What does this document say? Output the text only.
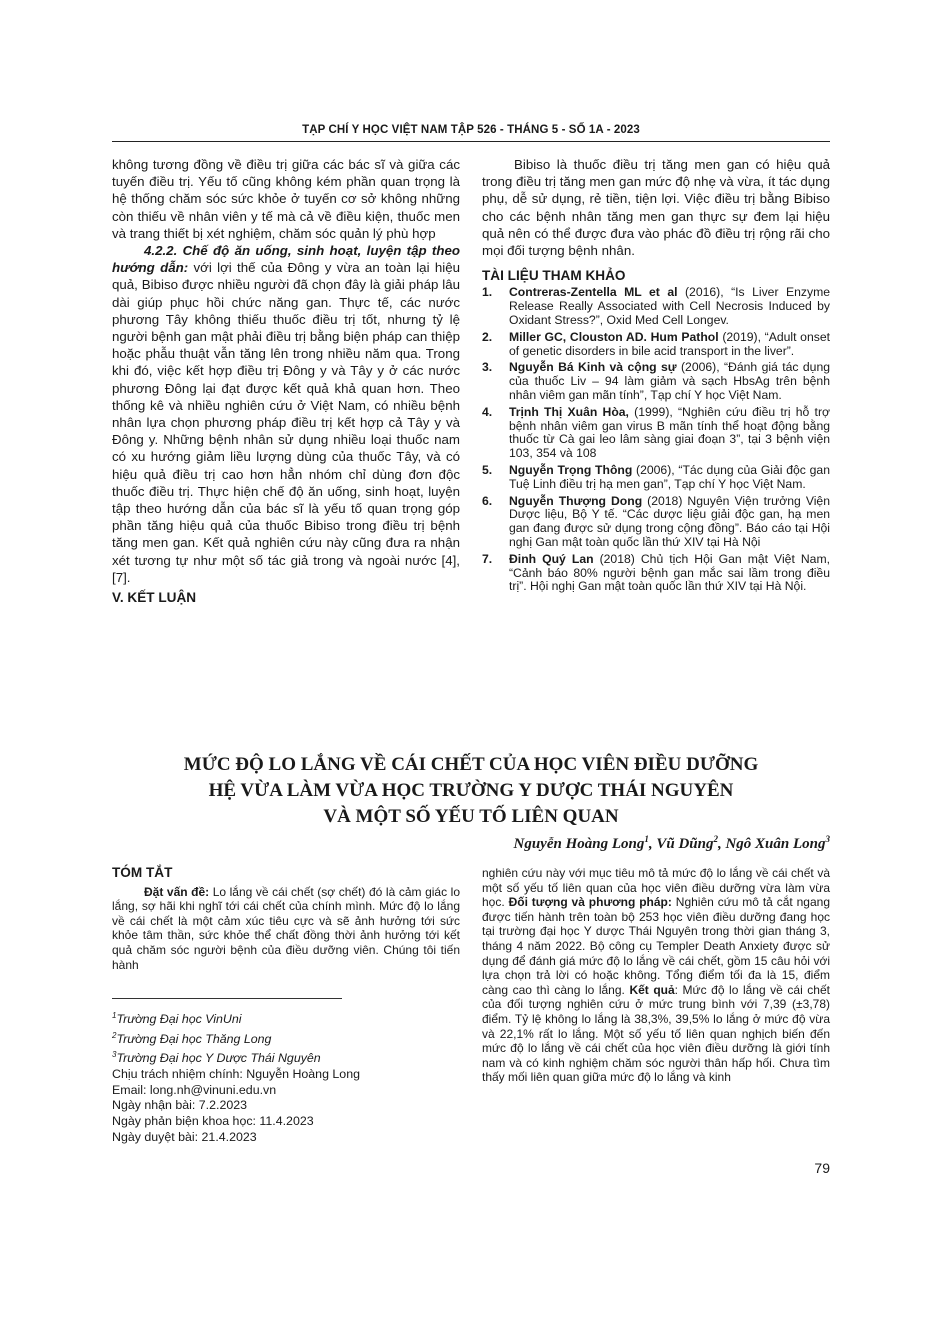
TẠP CHÍ Y HỌC VIỆT NAM TẬP 526 - THÁNG 5 - SỐ 1A - 2023

không tương đồng về điều trị giữa các bác sĩ và giữa các tuyến điều trị. Yếu tố cũng không kém phần quan trọng là hệ thống chăm sóc sức khỏe ở tuyến cơ sở không những còn thiếu về nhân viên y tế mà cả về điều kiện, thuốc men và trang thiết bị xét nghiệm, chăm sóc quản lý phù hợp

4.2.2. Chế độ ăn uống, sinh hoạt, luyện tập theo hướng dẫn: với lợi thế của Đông y vừa an toàn lại hiệu quả, Bibiso được nhiều người đã chọn đây là giải pháp lâu dài giúp phục hồi chức năng gan. Thực tế, các nước phương Tây không thiếu thuốc điều trị tốt, nhưng tỷ lệ người bệnh gan mật phải điều trị bằng biện pháp can thiệp hoặc phẫu thuật vẫn tăng lên trong nhiều năm qua. Trong khi đó, việc kết hợp điều trị Đông y và Tây y ở các nước phương Đông lại đạt được kết quả khả quan hơn. Theo thống kê và nhiều nghiên cứu ở Việt Nam, có nhiều bệnh nhân lựa chọn phương pháp điều trị kết hợp cả Tây y và Đông y. Những bệnh nhân sử dụng nhiều loại thuốc nam có xu hướng giảm liều lượng dùng của thuốc Tây, và có hiệu quả điều trị cao hơn hẳn nhóm chỉ dùng đơn độc thuốc điều trị. Thực hiện chế độ ăn uống, sinh hoạt, luyện tập theo hướng dẫn của bác sĩ là yếu tố quan trọng góp phần tăng hiệu quả của thuốc Bibiso trong điều trị bệnh tăng men gan. Kết quả nghiên cứu này cũng đưa ra nhận xét tương tự như một số tác giả trong và ngoài nước [4], [7].

V. KẾT LUẬN

Bibiso là thuốc điều trị tăng men gan có hiệu quả trong điều trị tăng men gan mức độ nhẹ và vừa, ít tác dụng phụ, dễ sử dụng, rẻ tiền, tiện lợi. Việc điều trị bằng Bibiso cho các bệnh nhân tăng men gan thực sự đem lại hiệu quả nên có thể được đưa vào phác đồ điều trị rộng rãi cho mọi đối tượng bệnh nhân.

TÀI LIỆU THAM KHẢO

1. Contreras-Zentella ML et al (2016), “Is Liver Enzyme Release Really Associated with Cell Necrosis Induced by Oxidant Stress?”, Oxid Med Cell Longev.
2. Miller GC, Clouston AD. Hum Pathol (2019), “Adult onset of genetic disorders in bile acid transport in the liver”.
3. Nguyễn Bá Kinh và cộng sự (2006), “Đánh giá tác dụng của thuốc Liv – 94 làm giảm và sạch HbsAg trên bệnh nhân viêm gan mãn tính”, Tạp chí Y học Việt Nam.
4. Trịnh Thị Xuân Hòa, (1999), “Nghiên cứu điều trị hỗ trợ bệnh nhân viêm gan virus B mãn tính thể hoạt động bằng thuốc từ Cà gai leo lâm sàng giai đoạn 3”, tại 3 bệnh viện 103, 354 và 108
5. Nguyễn Trọng Thông (2006), “Tác dụng của Giải độc gan Tuệ Linh điều trị hạ men gan”, Tạp chí Y học Việt Nam.
6. Nguyễn Thượng Dong (2018) Nguyên Viện trưởng Viện Dược liệu, Bộ Y tế. “Các dược liệu giải độc gan, hạ men gan đang được sử dụng trong cộng đồng”. Báo cáo tại Hội nghị Gan mật toàn quốc lần thứ XIV tại Hà Nội
7. Đinh Quý Lan (2018) Chủ tịch Hội Gan mật Việt Nam, “Cảnh báo 80% người bệnh gan mắc sai lầm trong điều trị”. Hội nghị Gan mật toàn quốc lần thứ XIV tại Hà Nội.
MỨC ĐỘ LO LẮNG VỀ CÁI CHẾT CỦA HỌC VIÊN ĐIỀU DƯỠNG
HỆ VỪA LÀM VỪA HỌC TRƯỜNG Y DƯỢC THÁI NGUYÊN
VÀ MỘT SỐ YẾU TỐ LIÊN QUAN
Nguyễn Hoàng Long$^1$, Vũ Dũng$^2$, Ngô Xuân Long$^3$

TÓM TẮT

Đặt vấn đề: Lo lắng về cái chết (sợ chết) đó là cảm giác lo lắng, sợ hãi khi nghĩ tới cái chết của chính mình. Mức độ lo lắng về cái chết là một cảm xúc tiêu cực và sẽ ảnh hưởng tới sức khỏe tâm thần, sức khỏe thể chất đồng thời ảnh hưởng tới kết quả chăm sóc người bệnh của điều dưỡng viên. Chúng tôi tiến hành

nghiên cứu này với mục tiêu mô tả mức độ lo lắng về cái chết và một số yếu tố liên quan của học viên điều dưỡng vừa làm vừa học. Đối tượng và phương pháp: Nghiên cứu mô tả cắt ngang được tiến hành trên toàn bộ 253 học viên điều dưỡng đang học tại trường đại học Y dược Thái Nguyên trong thời gian tháng 3, tháng 4 năm 2022. Bộ công cụ Templer Death Anxiety được sử dụng để đánh giá mức độ lo lắng về cái chết, gồm 15 câu hỏi với lựa chọn trả lời có hoặc không. Tổng điểm tối đa là 15, điểm càng cao thì càng lo lắng. Kết quả: Mức độ lo lắng về cái chết của đối tượng nghiên cứu ở mức trung bình với 7,39 (±3,78) điểm. Tỷ lệ không lo lắng là 38,3%, 39,5% lo lắng ở mức độ vừa và 22,1% rất lo lắng. Một số yếu tố liên quan nghịch biến đến mức độ lo lắng về cái chết của học viên điều dưỡng là giới tính nam và có kinh nghiệm chăm sóc người thân hấp hối. Chưa tìm thấy mối liên quan giữa mức độ lo lắng và kinh

$^1$Trường Đại học VinUni
$^2$Trường Đại học Thăng Long
$^3$Trường Đại học Y Dược Thái Nguyên
Chịu trách nhiệm chính: Nguyễn Hoàng Long
Email: long.nh@vinuni.edu.vn
Ngày nhận bài: 7.2.2023
Ngày phản biện khoa học: 11.4.2023
Ngày duyệt bài: 21.4.2023
79
